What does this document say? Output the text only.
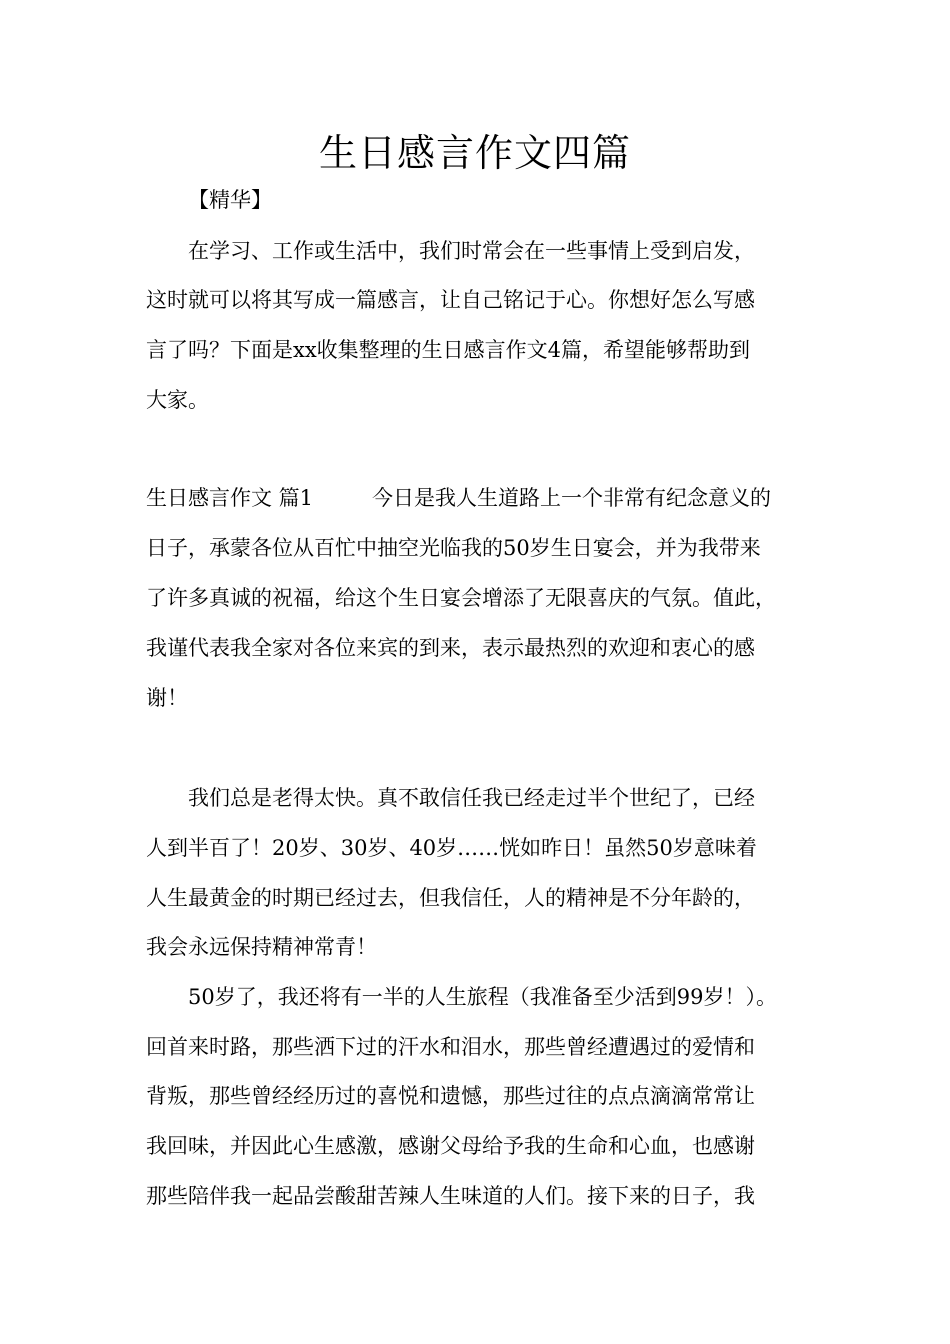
生日感言作文四篇
【精华】
在学习、工作或生活中，我们时常会在一些事情上受到启发，
这时就可以将其写成一篇感言，让自己铭记于心。你想好怎么写感
言了吗？下面是xx收集整理的生日感言作文4篇，希望能够帮助到
大家。
生日感言作文 篇1	今日是我人生道路上一个非常有纪念意义的
日子，承蒙各位从百忙中抽空光临我的50岁生日宴会，并为我带来
了许多真诚的祝福，给这个生日宴会增添了无限喜庆的气氛。值此，
我谨代表我全家对各位来宾的到来，表示最热烈的欢迎和衷心的感
谢！
我们总是老得太快。真不敢信任我已经走过半个世纪了，已经
人到半百了！20岁、30岁、40岁……恍如昨日！虽然50岁意味着
人生最黄金的时期已经过去，但我信任，人的精神是不分年龄的，
我会永远保持精神常青！
50岁了，我还将有一半的人生旅程（我准备至少活到99岁！）。
回首来时路，那些洒下过的汗水和泪水，那些曾经遭遇过的爱情和
背叛，那些曾经经历过的喜悦和遗憾，那些过往的点点滴滴常常让
我回味，并因此心生感激，感谢父母给予我的生命和心血，也感谢
那些陪伴我一起品尝酸甜苦辣人生味道的人们。接下来的日子，我
